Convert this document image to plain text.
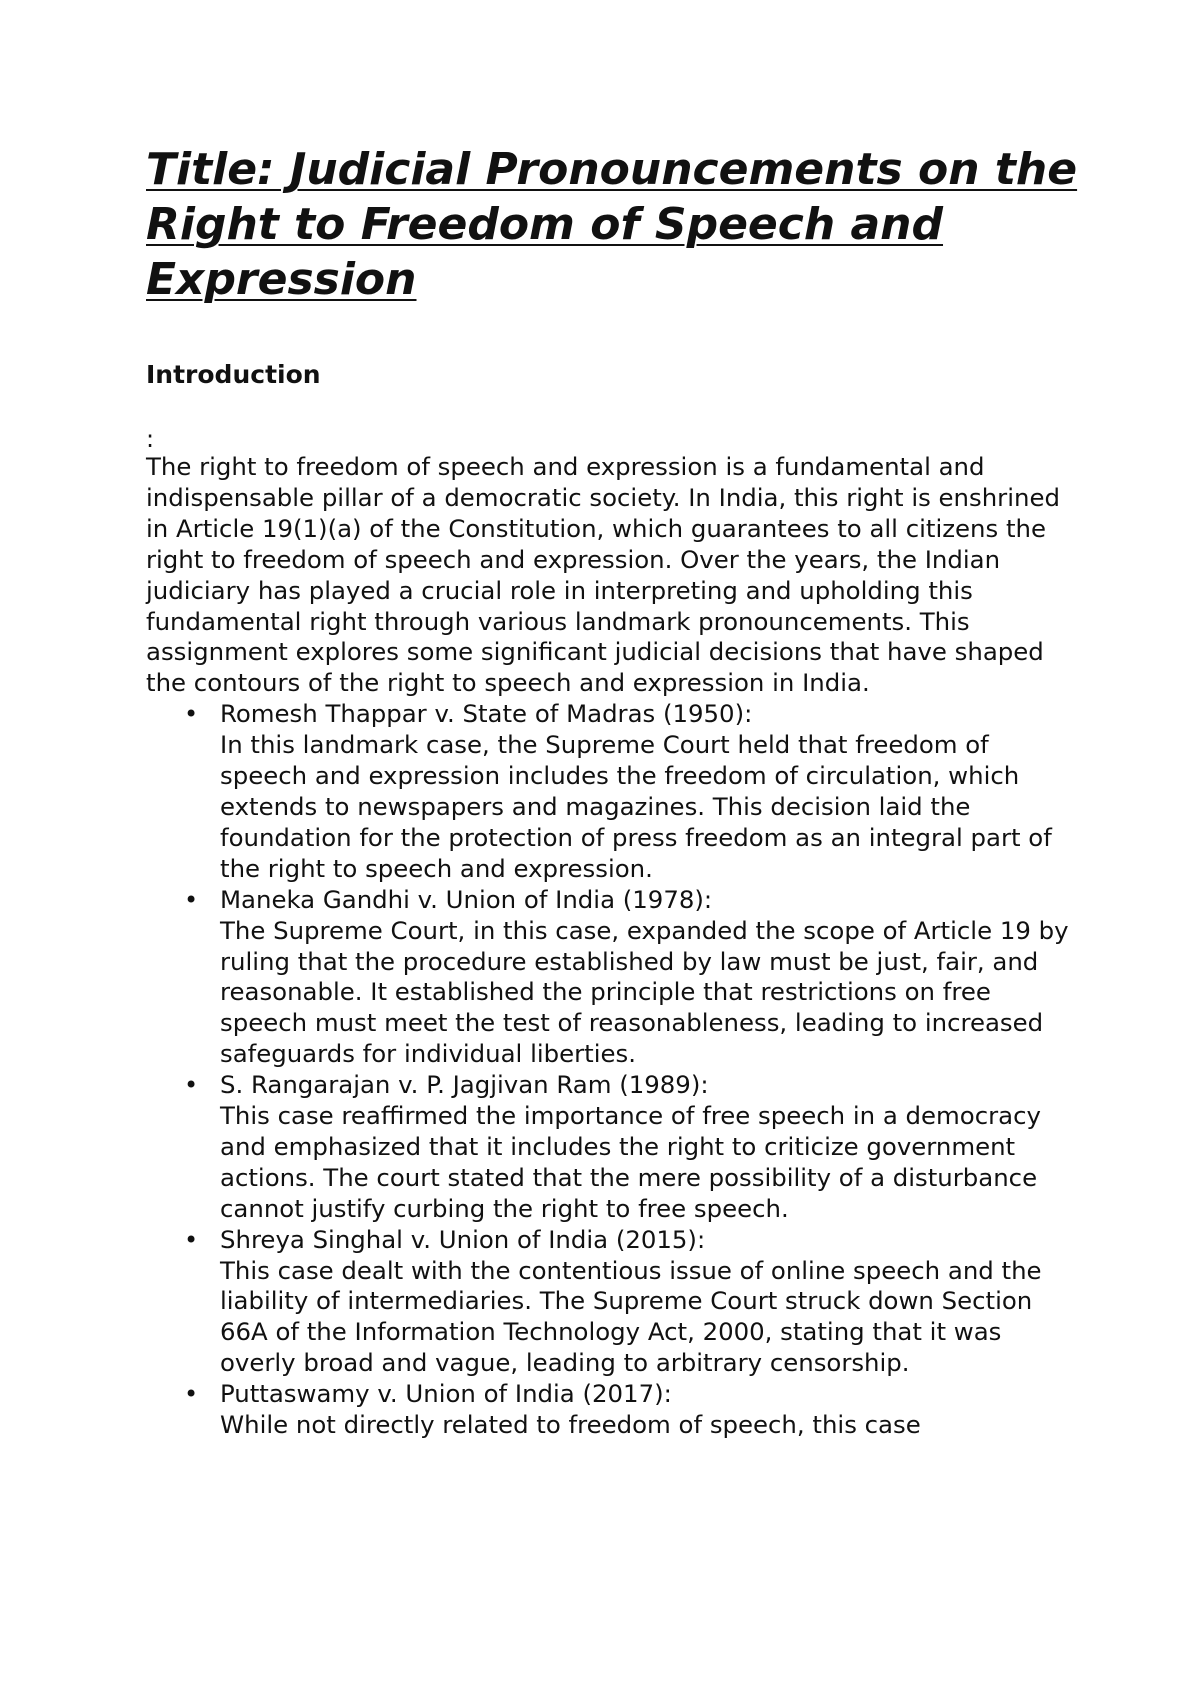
Title: Judicial Pronouncements on the Right to Freedom of Speech and Expression
Introduction
:

The right to freedom of speech and expression is a fundamental and indispensable pillar of a democratic society. In India, this right is enshrined in Article 19(1)(a) of the Constitution, which guarantees to all citizens the right to freedom of speech and expression. Over the years, the Indian judiciary has played a crucial role in interpreting and upholding this fundamental right through various landmark pronouncements. This assignment explores some significant judicial decisions that have shaped the contours of the right to speech and expression in India.

• Romesh Thappar v. State of Madras (1950):
In this landmark case, the Supreme Court held that freedom of speech and expression includes the freedom of circulation, which extends to newspapers and magazines. This decision laid the foundation for the protection of press freedom as an integral part of the right to speech and expression.
• Maneka Gandhi v. Union of India (1978):
The Supreme Court, in this case, expanded the scope of Article 19 by ruling that the procedure established by law must be just, fair, and reasonable. It established the principle that restrictions on free speech must meet the test of reasonableness, leading to increased safeguards for individual liberties.
• S. Rangarajan v. P. Jagjivan Ram (1989):
This case reaffirmed the importance of free speech in a democracy and emphasized that it includes the right to criticize government actions. The court stated that the mere possibility of a disturbance cannot justify curbing the right to free speech.
• Shreya Singhal v. Union of India (2015):
This case dealt with the contentious issue of online speech and the liability of intermediaries. The Supreme Court struck down Section 66A of the Information Technology Act, 2000, stating that it was overly broad and vague, leading to arbitrary censorship.
• Puttaswamy v. Union of India (2017):
While not directly related to freedom of speech, this case
